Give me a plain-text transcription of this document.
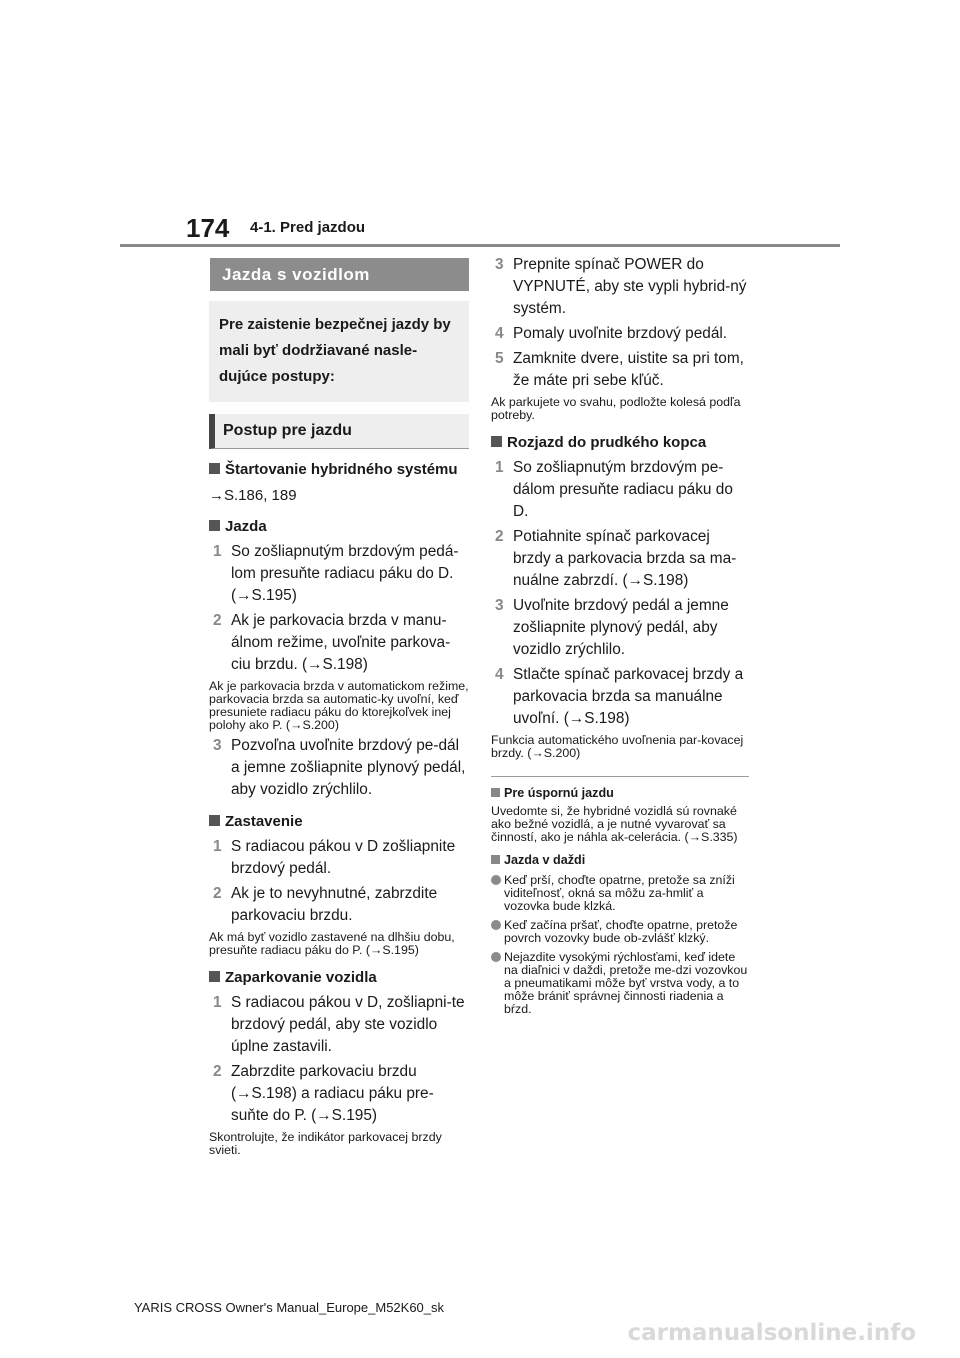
174 4-1. Pred jazdou
Jazda s vozidlom
Pre zaistenie bezpečnej jazdy by mali byť dodržiavané nasle-dujúce postupy:
Postup pre jazdu
Štartovanie hybridného systému
→S.186, 189
Jazda
1 So zošliapnutým brzdovým pedá-lom presuňte radiacu páku do D. (→S.195)
2 Ak je parkovacia brzda v manu-álnom režime, uvoľnite parkova-ciu brzdu. (→S.198)
Ak je parkovacia brzda v automatickom režime, parkovacia brzda sa automatic-ky uvoľní, keď presuniete radiacu páku do ktorejkoľvek inej polohy ako P. (→S.200)
3 Pozvoľna uvoľnite brzdový pe-dál a jemne zošliapnite plynový pedál, aby vozidlo zrýchlilo.
Zastavenie
1 S radiacou pákou v D zošliapnite brzdový pedál.
2 Ak je to nevyhnutné, zabrzdite parkovaciu brzdu.
Ak má byť vozidlo zastavené na dlhšiu dobu, presuňte radiacu páku do P. (→S.195)
Zaparkovanie vozidla
1 S radiacou pákou v D, zošliapni-te brzdový pedál, aby ste vozidlo úplne zastavili.
2 Zabrzdite parkovaciu brzdu (→S.198) a radiacu páku pre-suňte do P. (→S.195)
Skontrolujte, že indikátor parkovacej brzdy svieti.
3 Prepnite spínač POWER do VYPNUTÉ, aby ste vypli hybrid-ný systém.
4 Pomaly uvoľnite brzdový pedál.
5 Zamknite dvere, uistite sa pri tom, že máte pri sebe kľúč.
Ak parkujete vo svahu, podložte kolesá podľa potreby.
Rozjazd do prudkého kopca
1 So zošliapnutým brzdovým pe-dálom presuňte radiacu páku do D.
2 Potiahnite spínač parkovacej brzdy a parkovacia brzda sa ma-nuálne zabrzdí. (→S.198)
3 Uvoľnite brzdový pedál a jemne zošliapnite plynový pedál, aby vozidlo zrýchlilo.
4 Stlačte spínač parkovacej brzdy a parkovacia brzda sa manuálne uvoľní. (→S.198)
Funkcia automatického uvoľnenia par-kovacej brzdy. (→S.200)
Pre úspornú jazdu
Uvedomte si, že hybridné vozidlá sú rovnaké ako bežné vozidlá, a je nutné vyvarovať sa činností, ako je náhla ak-celerácia. (→S.335)
Jazda v daždi
Keď prší, choďte opatrne, pretože sa zníži viditeľnosť, okná sa môžu za-hmliť a vozovka bude klzká.
Keď začína pršať, choďte opatrne, pretože povrch vozovky bude ob-zvlášť klzký.
Nejazdite vysokými rýchlosťami, keď idete na diaľnici v daždi, pretože me-dzi vozovkou a pneumatikami môže byť vrstva vody, a to môže brániť správnej činnosti riadenia a bŕzd.
YARIS CROSS Owner's Manual_Europe_M52K60_sk
carmanualsonline.info
